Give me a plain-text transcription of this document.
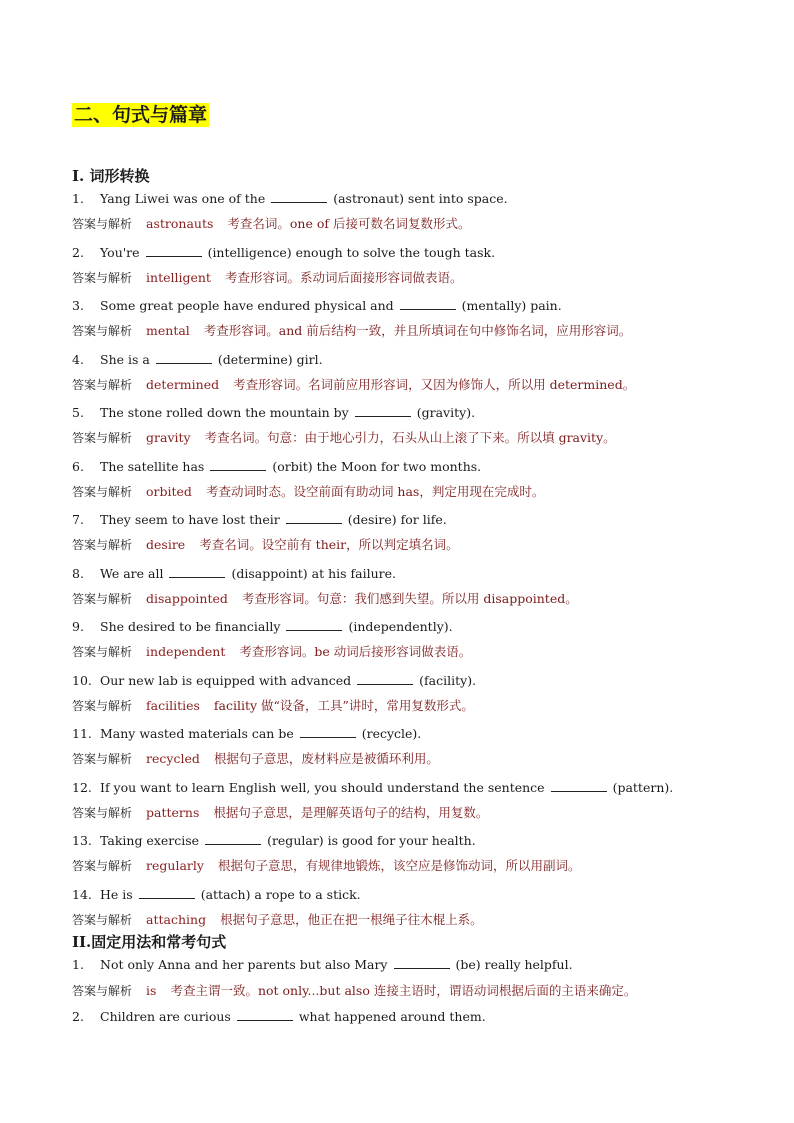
二、句式与篇章
I. 词形转换
1. Yang Liwei was one of the	(astronaut) sent into space.
答案与解析 astronauts 考查名词。one of 后接可数名词复数形式。
2. You're	(intelligence) enough to solve the tough task.
答案与解析 intelligent 考查形容词。系动词后面接形容词做表语。
3. Some great people have endured physical and	(mentally) pain.
答案与解析 mental 考查形容词。and 前后结构一致，并且所填词在句中修饰名词，应用形容词。
4. She is a	(determine) girl.
答案与解析 determined 考查形容词。名词前应用形容词，又因为修饰人，所以用 determined。
5. The stone rolled down the mountain by	(gravity).
答案与解析 gravity 考查名词。句意：由于地心引力，石头从山上滚了下来。所以填 gravity。
6. The satellite has	(orbit) the Moon for two months.
答案与解析 orbited 考查动词时态。设空前面有助动词 has，判定用现在完成时。
7. They seem to have lost their	(desire) for life.
答案与解析 desire 考查名词。设空前有 their，所以判定填名词。
8. We are all	(disappoint) at his failure.
答案与解析 disappointed 考查形容词。句意：我们感到失望。所以用 disappointed。
9. She desired to be financially	(independently).
答案与解析 independent 考查形容词。be 动词后接形容词做表语。
10. Our new lab is equipped with advanced	(facility).
答案与解析 facilities facility 做“设备，工具”讲时，常用复数形式。
11. Many wasted materials can be	(recycle).
答案与解析 recycled 根据句子意思，废材料应是被循环利用。
12. If you want to learn English well, you should understand the sentence	(pattern).
答案与解析 patterns 根据句子意思，是理解英语句子的结构，用复数。
13. Taking exercise	(regular) is good for your health.
答案与解析 regularly 根据句子意思，有规律地锻炼，该空应是修饰动词，所以用副词。
14. He is	(attach) a rope to a stick.
答案与解析 attaching 根据句子意思，他正在把一根绳子往木棍上系。
II.固定用法和常考句式
1. Not only Anna and her parents but also Mary	(be) really helpful.
答案与解析 is 考查主谓一致。not only...but also 连接主语时，谓语动词根据后面的主语来确定。
2. Children are curious	what happened around them.
